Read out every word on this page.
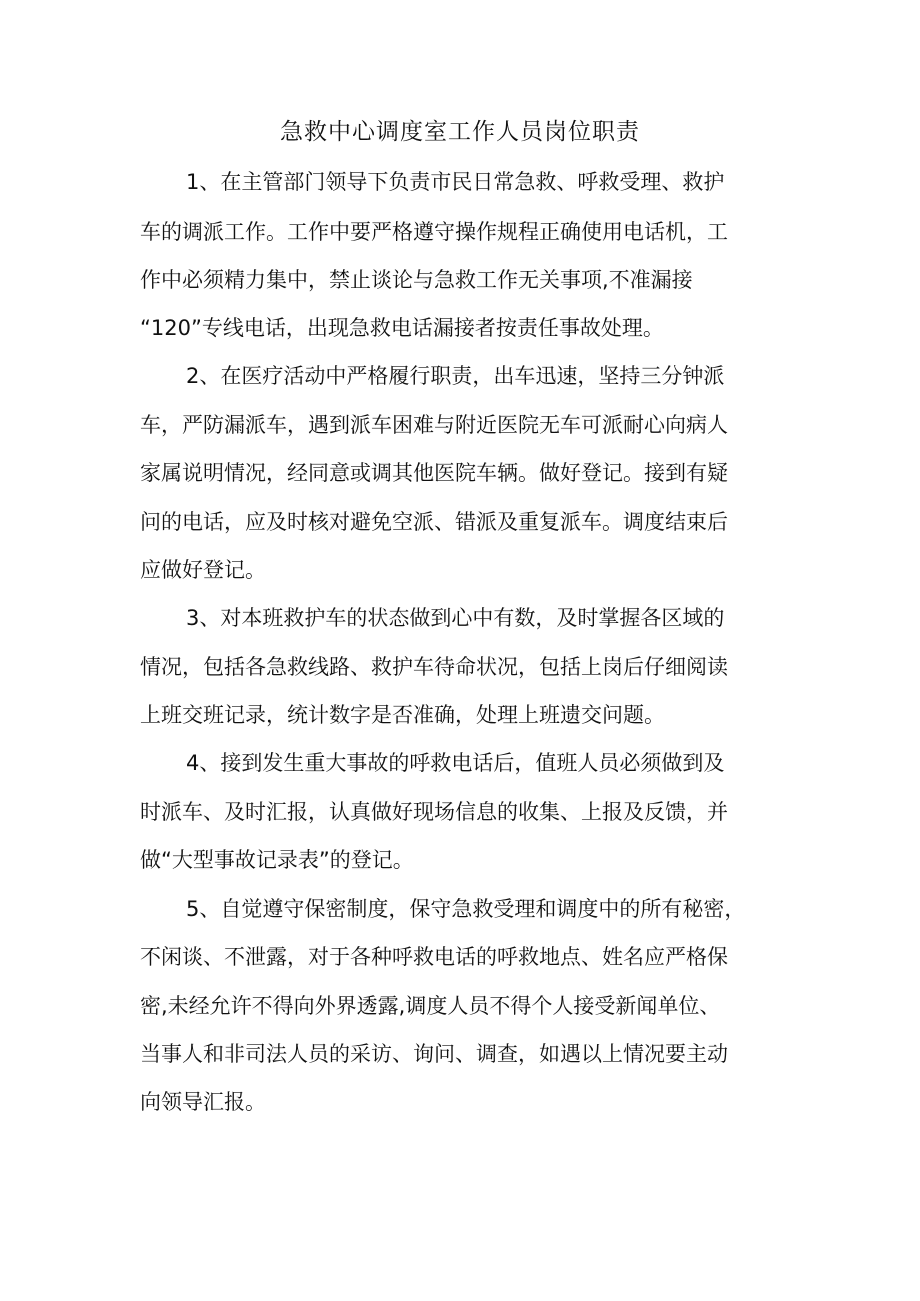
急救中心调度室工作人员岗位职责

1、在主管部门领导下负责市民日常急救、呼救受理、救护

车的调派工作。工作中要严格遵守操作规程正确使用电话机，工

作中必须精力集中，禁止谈论与急救工作无关事项,不准漏接

“120”专线电话，出现急救电话漏接者按责任事故处理。

2、在医疗活动中严格履行职责，出车迅速，坚持三分钟派

车，严防漏派车，遇到派车困难与附近医院无车可派耐心向病人

家属说明情况，经同意或调其他医院车辆。做好登记。接到有疑

问的电话，应及时核对避免空派、错派及重复派车。调度结束后

应做好登记。

3、对本班救护车的状态做到心中有数，及时掌握各区域的

情况，包括各急救线路、救护车待命状况，包括上岗后仔细阅读

上班交班记录，统计数字是否准确，处理上班遗交问题。

4、接到发生重大事故的呼救电话后，值班人员必须做到及

时派车、及时汇报，认真做好现场信息的收集、上报及反馈，并

做“大型事故记录表”的登记。

5、自觉遵守保密制度，保守急救受理和调度中的所有秘密，

不闲谈、不泄露，对于各种呼救电话的呼救地点、姓名应严格保

密,未经允许不得向外界透露,调度人员不得个人接受新闻单位、

当事人和非司法人员的采访、询问、调查，如遇以上情况要主动

向领导汇报。
